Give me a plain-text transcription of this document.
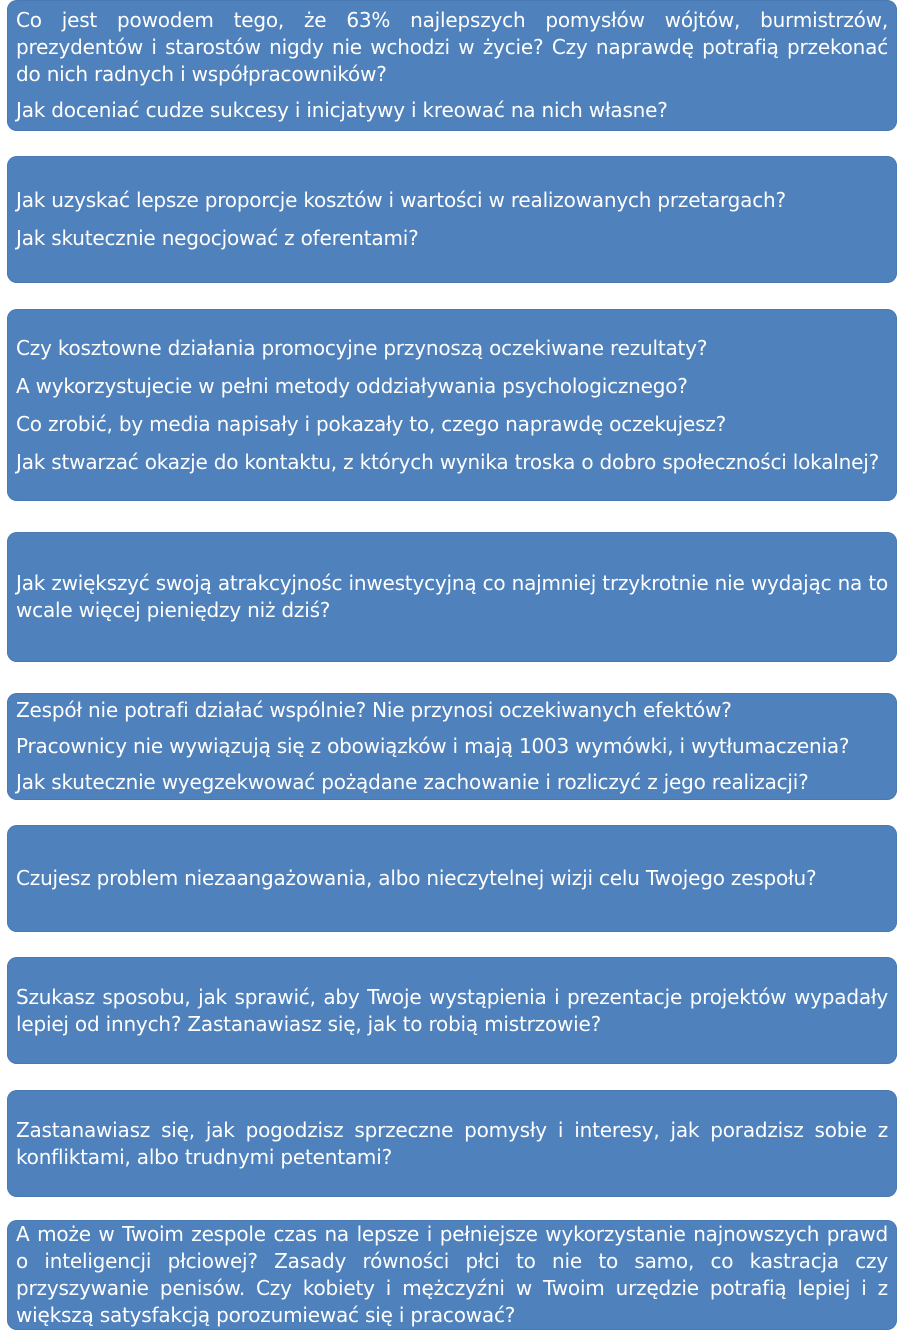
Co jest powodem tego, że 63% najlepszych pomysłów wójtów, burmistrzów, prezydentów i starostów nigdy nie wchodzi w życie? Czy naprawdę potrafią przekonać do nich radnych i współpracowników?

Jak doceniać cudze sukcesy i inicjatywy i kreować na nich własne?

Jak uzyskać lepsze proporcje kosztów i wartości w realizowanych przetargach?

Jak skutecznie negocjować z oferentami?

Czy kosztowne działania promocyjne przynoszą oczekiwane rezultaty?

A wykorzystujecie w pełni metody oddziaływania psychologicznego?

Co zrobić, by media napisały i pokazały to, czego naprawdę oczekujesz?

Jak stwarzać okazje do kontaktu, z których wynika troska o dobro społeczności lokalnej?

Jak zwiększyć swoją atrakcyjnośc inwestycyjną co najmniej trzykrotnie nie wydając na to wcale więcej pieniędzy niż dziś?

Zespół nie potrafi działać wspólnie? Nie przynosi oczekiwanych efektów?

Pracownicy nie wywiązują się z obowiązków i mają 1003 wymówki, i wytłumaczenia?

Jak skutecznie wyegzekwować pożądane zachowanie i rozliczyć z jego realizacji?

Czujesz problem niezaangażowania, albo nieczytelnej wizji celu Twojego zespołu?

Szukasz sposobu, jak sprawić, aby Twoje wystąpienia i prezentacje projektów wypadały lepiej od innych? Zastanawiasz się, jak to robią mistrzowie?

Zastanawiasz się, jak pogodzisz sprzeczne pomysły i interesy, jak poradzisz sobie z konfliktami, albo trudnymi petentami?

A może w Twoim zespole czas na lepsze i pełniejsze wykorzystanie najnowszych prawd o inteligencji płciowej? Zasady równości płci to nie to samo, co kastracja czy przyszywanie penisów. Czy kobiety i mężczyźni w Twoim urzędzie potrafią lepiej i z większą satysfakcją porozumiewać się i pracować?
